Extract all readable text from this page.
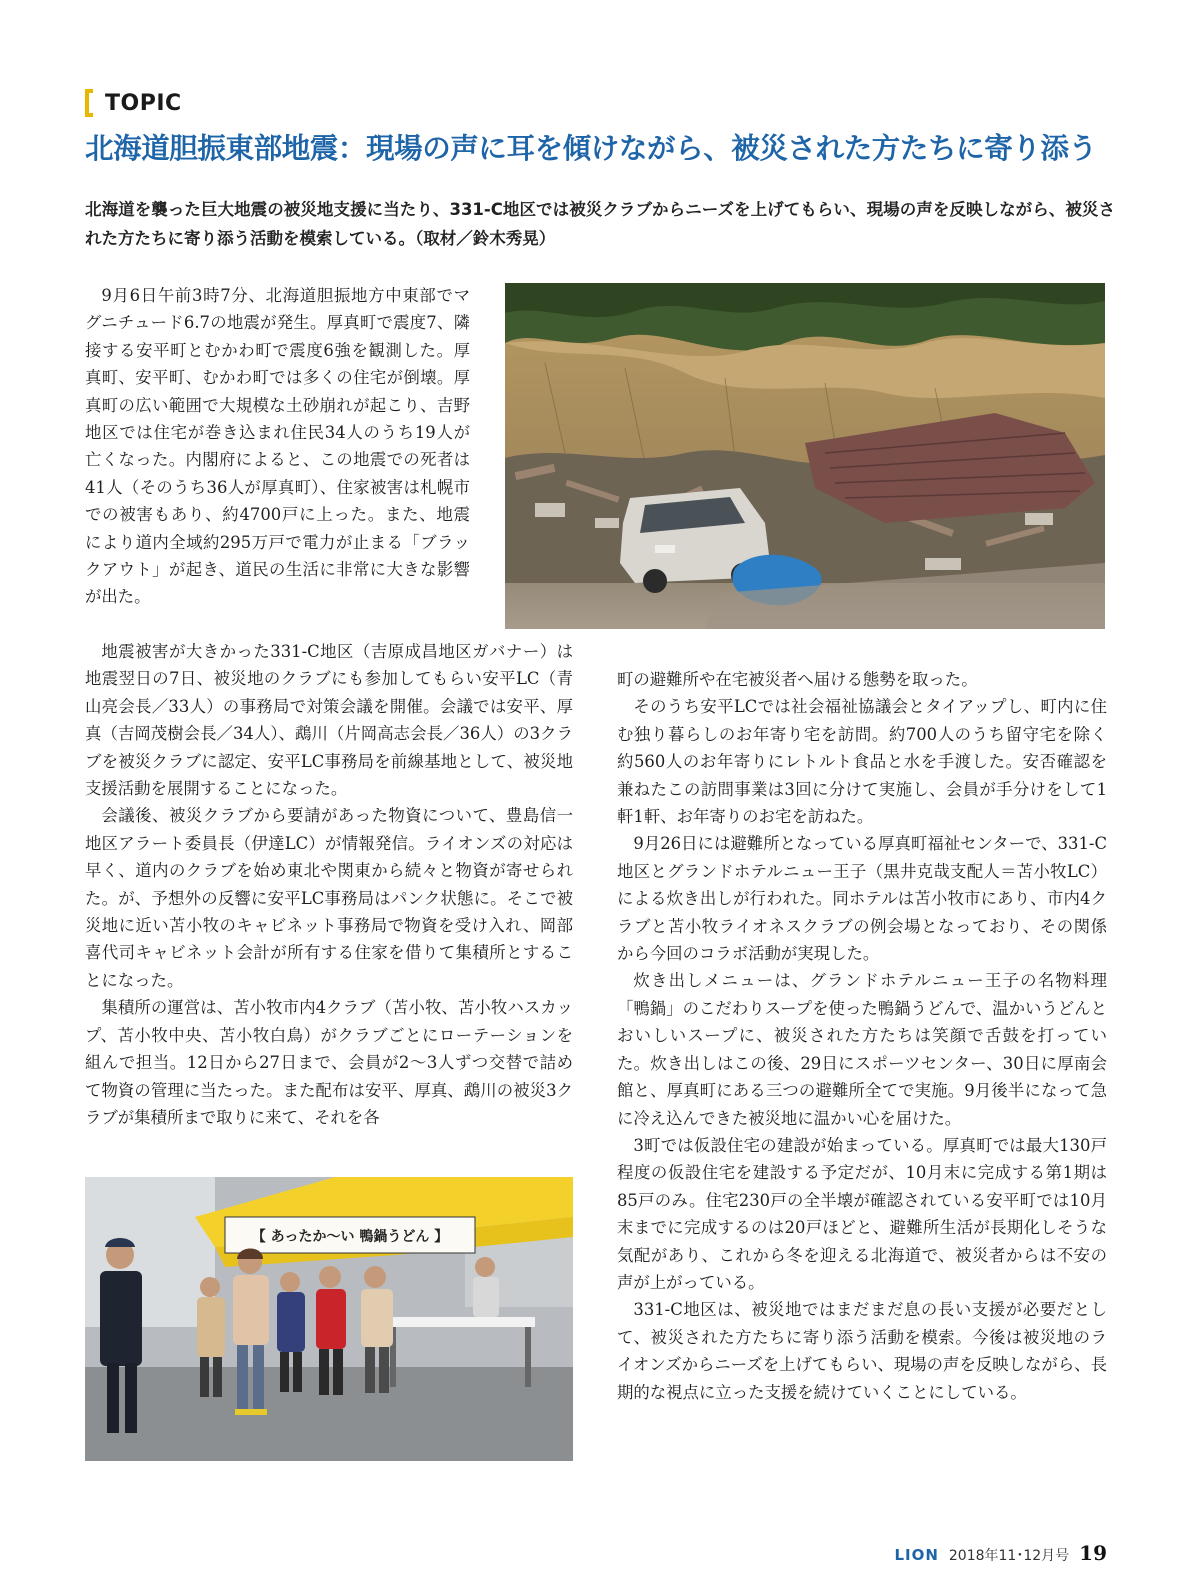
TOPIC
北海道胆振東部地震：現場の声に耳を傾けながら、被災された方たちに寄り添う
北海道を襲った巨大地震の被災地支援に当たり、331-C地区では被災クラブからニーズを上げてもらい、現場の声を反映しながら、被災された方たちに寄り添う活動を模索している。（取材／鈴木秀晃）

9月6日午前3時7分、北海道胆振地方中東部でマグニチュード6.7の地震が発生。厚真町で震度7、隣接する安平町とむかわ町で震度6強を観測した。厚真町、安平町、むかわ町では多くの住宅が倒壊。厚真町の広い範囲で大規模な土砂崩れが起こり、吉野地区では住宅が巻き込まれ住民34人のうち19人が亡くなった。内閣府によると、この地震での死者は41人（そのうち36人が厚真町）、住家被害は札幌市での被害もあり、約4700戸に上った。また、地震により道内全域約295万戸で電力が止まる「ブラックアウト」が起き、道民の生活に非常に大きな影響が出た。

地震被害が大きかった331-C地区（吉原成昌地区ガバナー）は地震翌日の7日、被災地のクラブにも参加してもらい安平LC（青山亮会長／33人）の事務局で対策会議を開催。会議では安平、厚真（吉岡茂樹会長／34人）、鵡川（片岡高志会長／36人）の3クラブを被災クラブに認定、安平LC事務局を前線基地として、被災地支援活動を展開することになった。

会議後、被災クラブから要請があった物資について、豊島信一地区アラート委員長（伊達LC）が情報発信。ライオンズの対応は早く、道内のクラブを始め東北や関東から続々と物資が寄せられた。が、予想外の反響に安平LC事務局はパンク状態に。そこで被災地に近い苫小牧のキャビネット事務局で物資を受け入れ、岡部喜代司キャビネット会計が所有する住家を借りて集積所とすることになった。

集積所の運営は、苫小牧市内4クラブ（苫小牧、苫小牧ハスカップ、苫小牧中央、苫小牧白鳥）がクラブごとにローテーションを組んで担当。12日から27日まで、会員が2～3人ずつ交替で詰めて物資の管理に当たった。また配布は安平、厚真、鵡川の被災3クラブが集積所まで取りに来て、それを各

町の避難所や在宅被災者へ届ける態勢を取った。

そのうち安平LCでは社会福祉協議会とタイアップし、町内に住む独り暮らしのお年寄り宅を訪問。約700人のうち留守宅を除く約560人のお年寄りにレトルト食品と水を手渡した。安否確認を兼ねたこの訪問事業は3回に分けて実施し、会員が手分けをして1軒1軒、お年寄りのお宅を訪ねた。

9月26日には避難所となっている厚真町福祉センターで、331-C地区とグランドホテルニュー王子（黒井克哉支配人＝苫小牧LC）による炊き出しが行われた。同ホテルは苫小牧市にあり、市内4クラブと苫小牧ライオネスクラブの例会場となっており、その関係から今回のコラボ活動が実現した。

炊き出しメニューは、グランドホテルニュー王子の名物料理「鴨鍋」のこだわりスープを使った鴨鍋うどんで、温かいうどんとおいしいスープに、被災された方たちは笑顔で舌鼓を打っていた。炊き出しはこの後、29日にスポーツセンター、30日に厚南会館と、厚真町にある三つの避難所全てで実施。9月後半になって急に冷え込んできた被災地に温かい心を届けた。

3町では仮設住宅の建設が始まっている。厚真町では最大130戸程度の仮設住宅を建設する予定だが、10月末に完成する第1期は85戸のみ。住宅230戸の全半壊が確認されている安平町では10月末までに完成するのは20戸ほどと、避難所生活が長期化しそうな気配があり、これから冬を迎える北海道で、被災者からは不安の声が上がっている。

331-C地区は、被災地ではまだまだ息の長い支援が必要だとして、被災された方たちに寄り添う活動を模索。今後は被災地のライオンズからニーズを上げてもらい、現場の声を反映しながら、長期的な視点に立った支援を続けていくことにしている。

【 あったか～い 鴨鍋うどん 】
LION 2018年11･12月号 19
